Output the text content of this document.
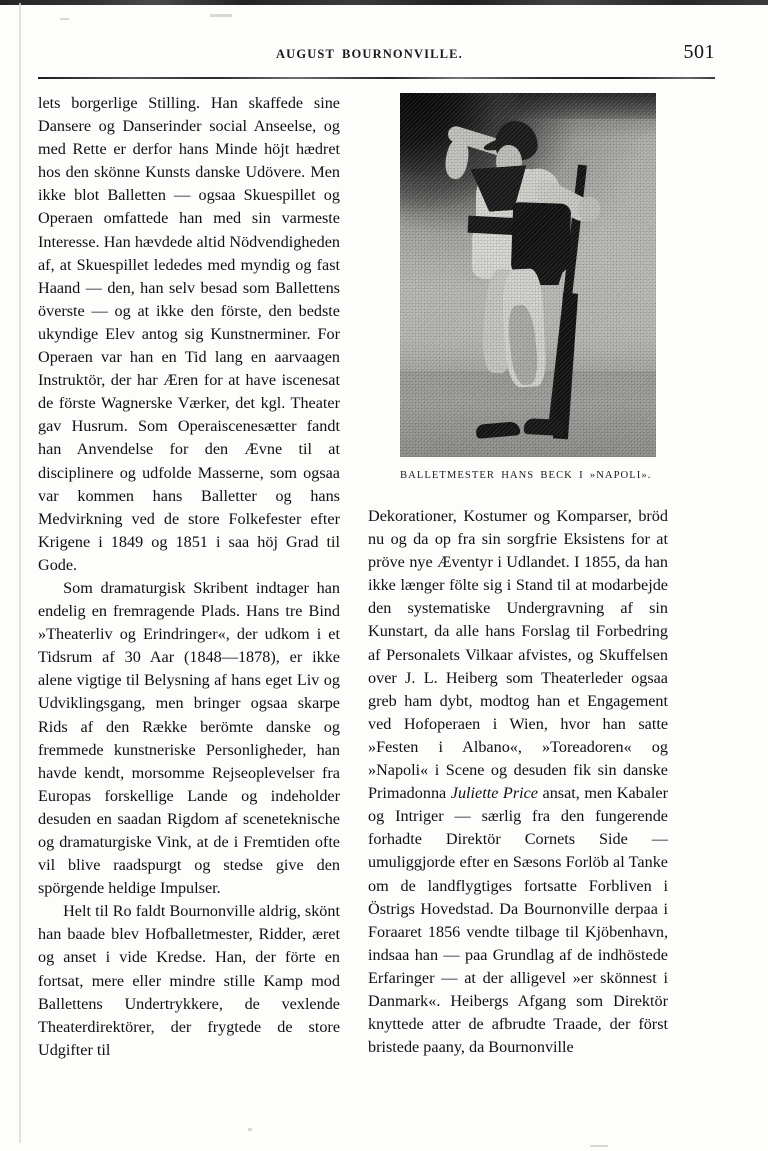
AUGUST BOURNONVILLE.	501

lets borgerlige Stilling. Han skaffede sine Dansere og Danserinder social Anseelse, og med Rette er derfor hans Minde höjt hædret hos den skönne Kunsts danske Udövere. Men ikke blot Balletten — ogsaa Skuespillet og Operaen omfattede han med sin varmeste Interesse. Han hævdede altid Nödvendigheden af, at Skuespillet lededes med myndig og fast Haand — den, han selv besad som Ballettens överste — og at ikke den förste, den bedste ukyndige Elev antog sig Kunstnerminer. For Operaen var han en Tid lang en aarvaagen Instruktör, der har Æren for at have iscenesat de förste Wagnerske Værker, det kgl. Theater gav Husrum. Som Operaiscenesætter fandt han Anvendelse for den Ævne til at disciplinere og udfolde Masserne, som ogsaa var kommen hans Balletter og hans Medvirkning ved de store Folkefester efter Krigene i 1849 og 1851 i saa höj Grad til Gode.

Som dramaturgisk Skribent indtager han endelig en fremragende Plads. Hans tre Bind »Theaterliv og Erindringer«, der udkom i et Tidsrum af 30 Aar (1848—1878), er ikke alene vigtige til Belysning af hans eget Liv og Udviklingsgang, men bringer ogsaa skarpe Rids af den Række berömte danske og fremmede kunstneriske Personligheder, han havde kendt, morsomme Rejseoplevelser fra Europas forskellige Lande og indeholder desuden en saadan Rigdom af sceneteknische og dramaturgiske Vink, at de i Fremtiden ofte vil blive raadspurgt og stedse give den spörgende heldige Impulser.

Helt til Ro faldt Bournonville aldrig, skönt han baade blev Hofballetmester, Ridder, æret og anset i vide Kredse. Han, der förte en fortsat, mere eller mindre stille Kamp mod Ballettens Undertrykkere, de vexlende Theaterdirektörer, der frygtede de store Udgifter til

BALLETMESTER HANS BECK I »NAPOLI».

Dekorationer, Kostumer og Komparser, bröd nu og da op fra sin sorgfrie Eksistens for at pröve nye Æventyr i Udlandet. I 1855, da han ikke længer fölte sig i Stand til at modarbejde den systematiske Undergravning af sin Kunstart, da alle hans Forslag til Forbedring af Personalets Vilkaar afvistes, og Skuffelsen over J. L. Heiberg som Theaterleder ogsaa greb ham dybt, modtog han et Engagement ved Hofoperaen i Wien, hvor han satte »Festen i Albano«, »Toreadoren« og »Napoli« i Scene og desuden fik sin danske Primadonna Juliette Price ansat, men Kabaler og Intriger — særlig fra den fungerende forhadte Direktör Cornets Side — umuliggjorde efter en Sæsons Forlöb al Tanke om de landflygtiges fortsatte Forbliven i Östrigs Hovedstad. Da Bournonville derpaa i Foraaret 1856 vendte tilbage til Kjöbenhavn, indsaa han — paa Grundlag af de indhöstede Erfaringer — at der alligevel »er skönnest i Danmark«. Heibergs Afgang som Direktör knyttede atter de afbrudte Traade, der först bristede paany, da Bournonville
